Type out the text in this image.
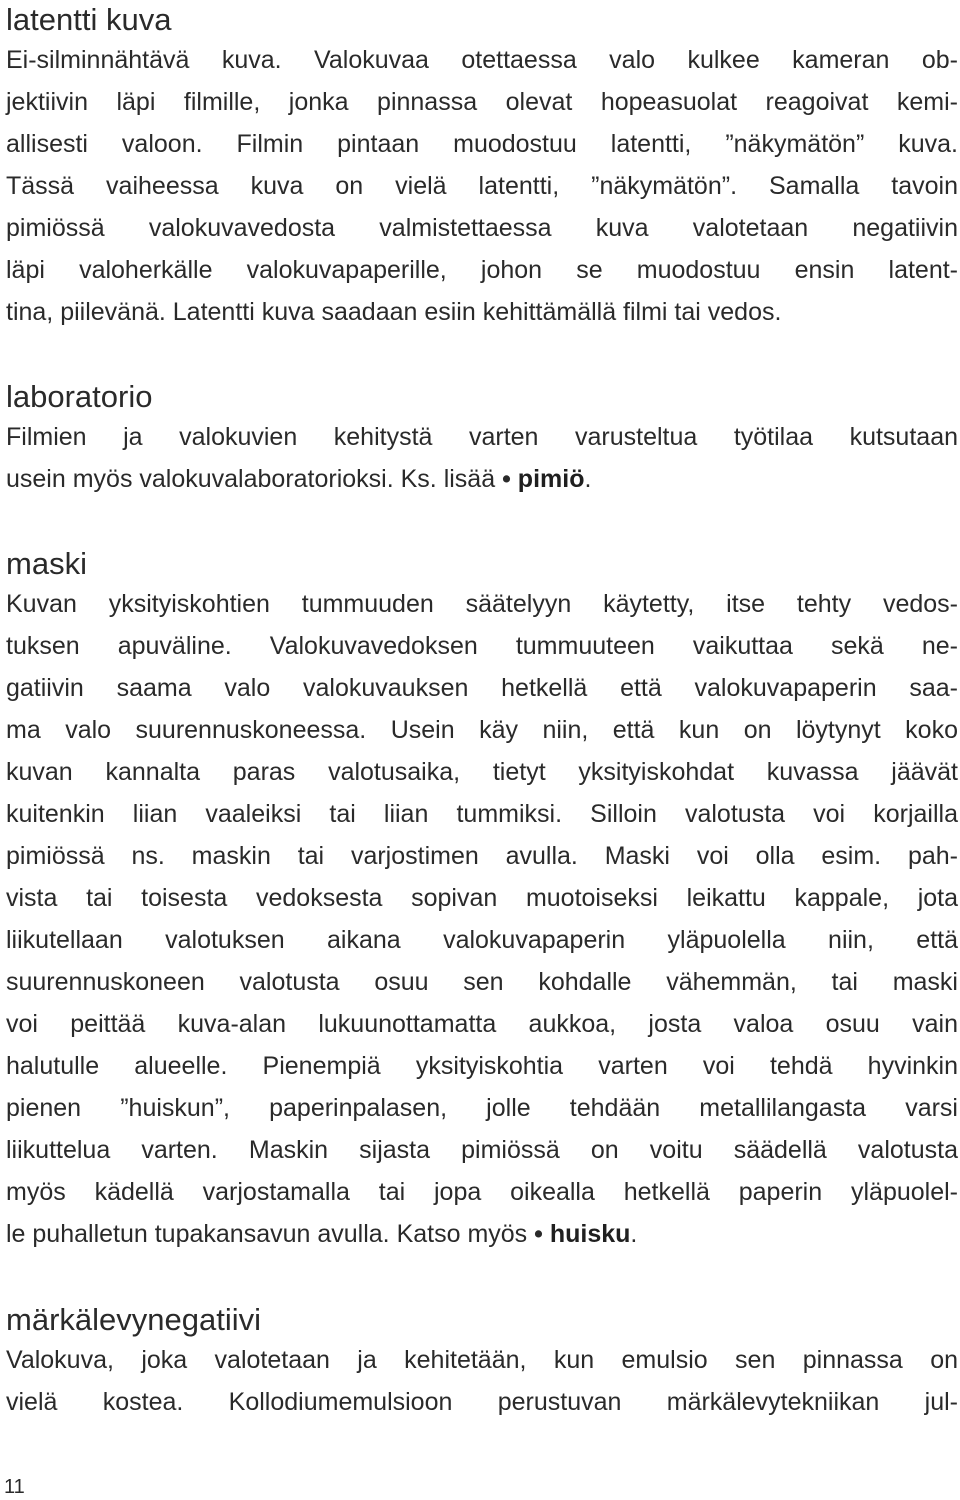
latentti kuva
Ei-silminnähtävä kuva. Valokuvaa otettaessa valo kulkee kameran ob-
jektiivin läpi filmille, jonka pinnassa olevat hopeasuolat reagoivat kemi-
allisesti valoon. Filmin pintaan muodostuu latentti, ”näkymätön” kuva.
Tässä vaiheessa kuva on vielä latentti, ”näkymätön”. Samalla tavoin
pimiössä valokuvavedosta valmistettaessa kuva valotetaan negatiivin
läpi valoherkälle valokuvapaperille, johon se muodostuu ensin latent-
tina, piilevänä. Latentti kuva saadaan esiin kehittämällä filmi tai vedos.
laboratorio
Filmien ja valokuvien kehitystä varten varusteltua työtilaa kutsutaan
usein myös valokuvalaboratorioksi. Ks. lisää • pimiö.
maski
Kuvan yksityiskohtien tummuuden säätelyyn käytetty, itse tehty vedos-
tuksen apuväline. Valokuvavedoksen tummuuteen vaikuttaa sekä ne-
gatiivin saama valo valokuvauksen hetkellä että valokuvapaperin saa-
ma valo suurennuskoneessa. Usein käy niin, että kun on löytynyt koko
kuvan kannalta paras valotusaika, tietyt yksityiskohdat kuvassa jäävät
kuitenkin liian vaaleiksi tai liian tummiksi. Silloin valotusta voi korjailla
pimiössä ns. maskin tai varjostimen avulla. Maski voi olla esim. pah-
vista tai toisesta vedoksesta sopivan muotoiseksi leikattu kappale, jota
liikutellaan valotuksen aikana valokuvapaperin yläpuolella niin, että
suurennuskoneen valotusta osuu sen kohdalle vähemmän, tai maski
voi peittää kuva-alan lukuunottamatta aukkoa, josta valoa osuu vain
halutulle alueelle. Pienempiä yksityiskohtia varten voi tehdä hyvinkin
pienen ”huiskun”, paperinpalasen, jolle tehdään metallilangasta varsi
liikuttelua varten. Maskin sijasta pimiössä on voitu säädellä valotusta
myös kädellä varjostamalla tai jopa oikealla hetkellä paperin yläpuolel-
le puhalletun tupakansavun avulla. Katso myös • huisku.
märkälevynegatiivi
Valokuva, joka valotetaan ja kehitetään, kun emulsio sen pinnassa on
vielä kostea. Kollodiumemulsioon perustuvan märkälevytekniikan jul-
11
